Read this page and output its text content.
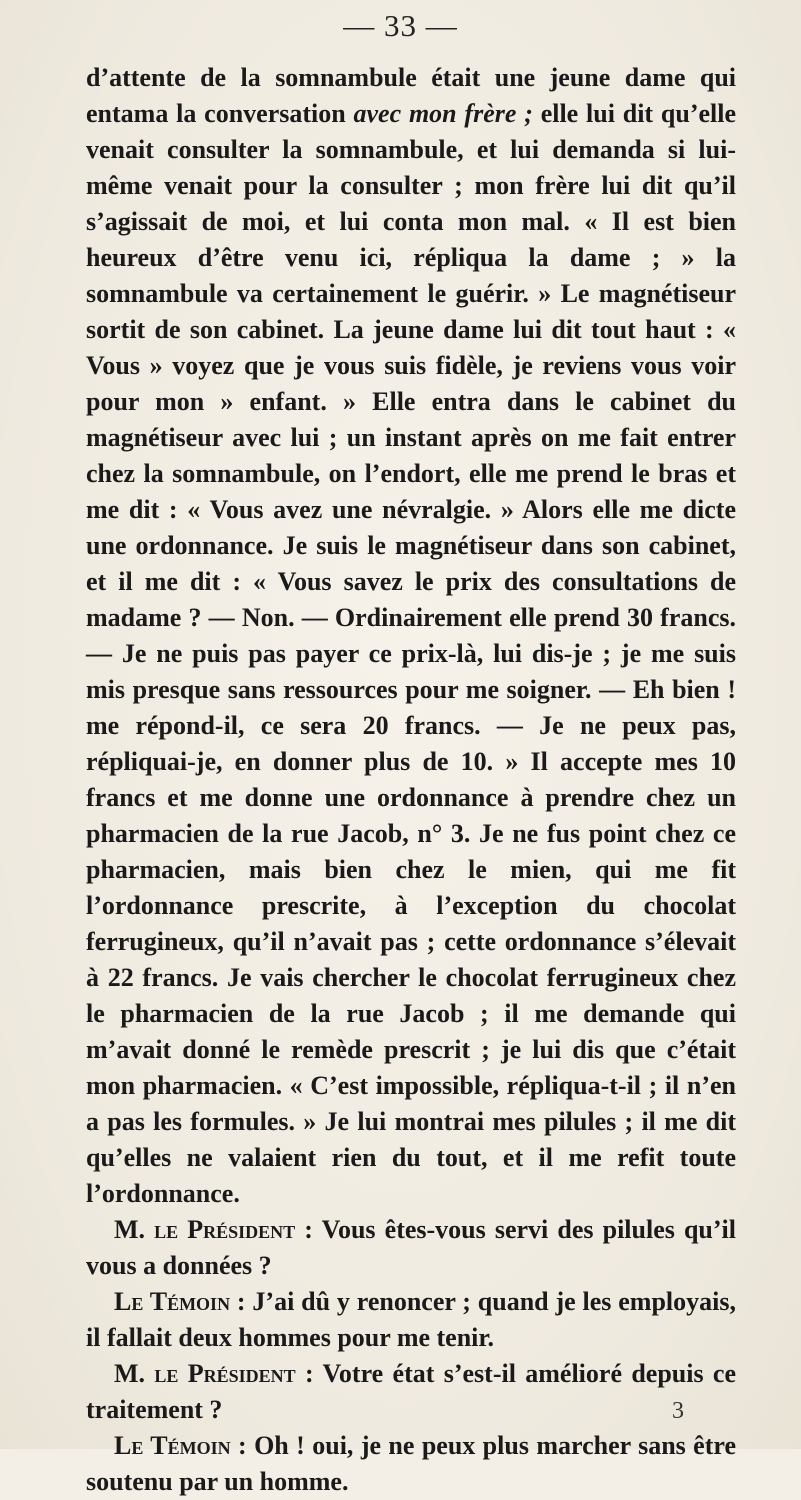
— 33 —

d’attente de la somnambule était une jeune dame qui entama la conversation avec mon frère ; elle lui dit qu’elle venait consulter la somnambule, et lui demanda si lui-même venait pour la consulter ; mon frère lui dit qu’il s’agissait de moi, et lui conta mon mal. « Il est bien heureux d’être venu ici, répliqua la dame ; » la somnambule va certainement le guérir. » Le magnétiseur sortit de son cabinet. La jeune dame lui dit tout haut : « Vous » voyez que je vous suis fidèle, je reviens vous voir pour mon » enfant. » Elle entra dans le cabinet du magnétiseur avec lui ; un instant après on me fait entrer chez la somnambule, on l’endort, elle me prend le bras et me dit : « Vous avez une névralgie. » Alors elle me dicte une ordonnance. Je suis le magnétiseur dans son cabinet, et il me dit : « Vous savez le prix des consultations de madame ? — Non. — Ordinairement elle prend 30 francs. — Je ne puis pas payer ce prix-là, lui dis-je ; je me suis mis presque sans ressources pour me soigner. — Eh bien ! me répond-il, ce sera 20 francs. — Je ne peux pas, répliquai-je, en donner plus de 10. » Il accepte mes 10 francs et me donne une ordonnance à prendre chez un pharmacien de la rue Jacob, n° 3. Je ne fus point chez ce pharmacien, mais bien chez le mien, qui me fit l’ordonnance prescrite, à l’exception du chocolat ferrugineux, qu’il n’avait pas ; cette ordonnance s’élevait à 22 francs. Je vais chercher le chocolat ferrugineux chez le pharmacien de la rue Jacob ; il me demande qui m’avait donné le remède prescrit ; je lui dis que c’était mon pharmacien. « C’est impossible, répliqua-t-il ; il n’en a pas les formules. » Je lui montrai mes pilules ; il me dit qu’elles ne valaient rien du tout, et il me refit toute l’ordonnance.

M. le Président : Vous êtes-vous servi des pilules qu’il vous a données ?

Le Témoin : J’ai dû y renoncer ; quand je les employais, il fallait deux hommes pour me tenir.

M. le Président : Votre état s’est-il amélioré depuis ce traitement ?

Le Témoin : Oh ! oui, je ne peux plus marcher sans être soutenu par un homme.

3
